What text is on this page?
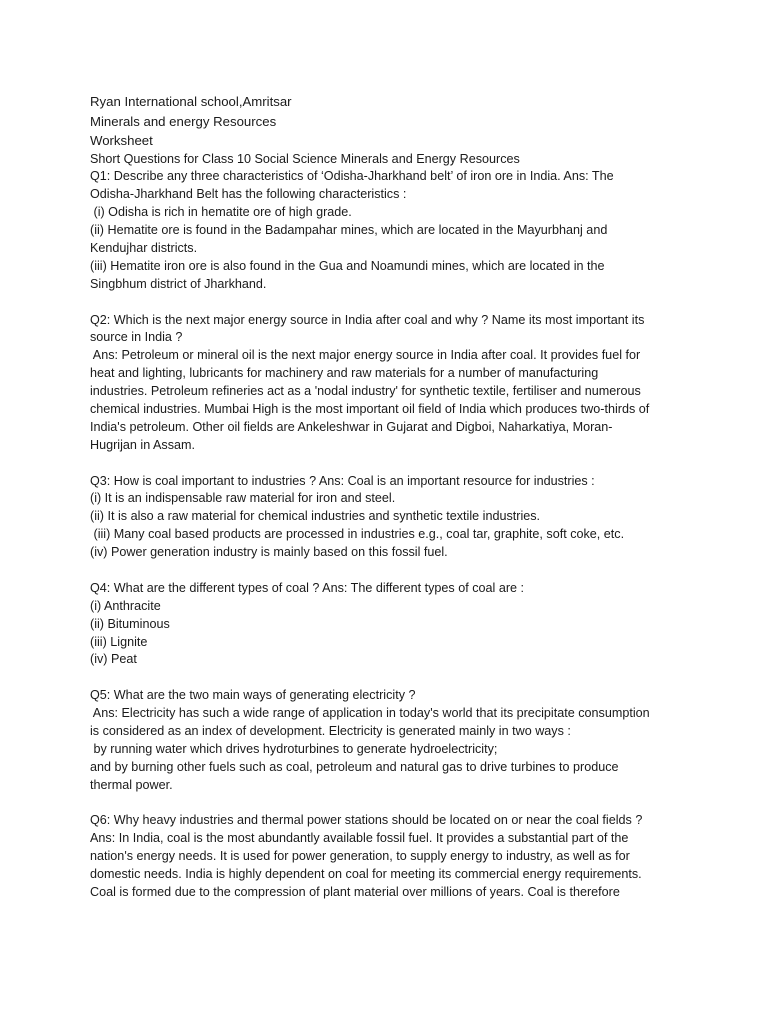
Ryan International school,Amritsar
Minerals and energy Resources
Worksheet
Short Questions for Class 10 Social Science Minerals and Energy Resources
Q1: Describe any three characteristics of ‘Odisha-Jharkhand belt’ of iron ore in India. Ans: The
Odisha-Jharkhand Belt has the following characteristics :
(i) Odisha is rich in hematite ore of high grade.
(ii) Hematite ore is found in the Badampahar mines, which are located in the Mayurbhanj and
Kendujhar districts.
(iii) Hematite iron ore is also found in the Gua and Noamundi mines, which are located in the
Singbhum district of Jharkhand.
Q2: Which is the next major energy source in India after coal and why ? Name its most important its
source in India ?
Ans: Petroleum or mineral oil is the next major energy source in India after coal. It provides fuel for
heat and lighting, lubricants for machinery and raw materials for a number of manufacturing
industries. Petroleum refineries act as a 'nodal industry' for synthetic textile, fertiliser and numerous
chemical industries. Mumbai High is the most important oil field of India which produces two-thirds of
India's petroleum. Other oil fields are Ankeleshwar in Gujarat and Digboi, Naharkatiya, Moran-
Hugrijan in Assam.
Q3: How is coal important to industries ? Ans: Coal is an important resource for industries :
(i) It is an indispensable raw material for iron and steel.
(ii) It is also a raw material for chemical industries and synthetic textile industries.
(iii) Many coal based products are processed in industries e.g., coal tar, graphite, soft coke, etc.
(iv) Power generation industry is mainly based on this fossil fuel.
Q4: What are the different types of coal ? Ans: The different types of coal are :
(i) Anthracite
(ii) Bituminous
(iii) Lignite
(iv) Peat
Q5: What are the two main ways of generating electricity ?
Ans: Electricity has such a wide range of application in today's world that its precipitate consumption
is considered as an index of development. Electricity is generated mainly in two ways :
by running water which drives hydroturbines to generate hydroelectricity;
and by burning other fuels such as coal, petroleum and natural gas to drive turbines to produce
thermal power.
Q6: Why heavy industries and thermal power stations should be located on or near the coal fields ?
Ans: In India, coal is the most abundantly available fossil fuel. It provides a substantial part of the
nation's energy needs. It is used for power generation, to supply energy to industry, as well as for
domestic needs. India is highly dependent on coal for meeting its commercial energy requirements.
Coal is formed due to the compression of plant material over millions of years. Coal is therefore
